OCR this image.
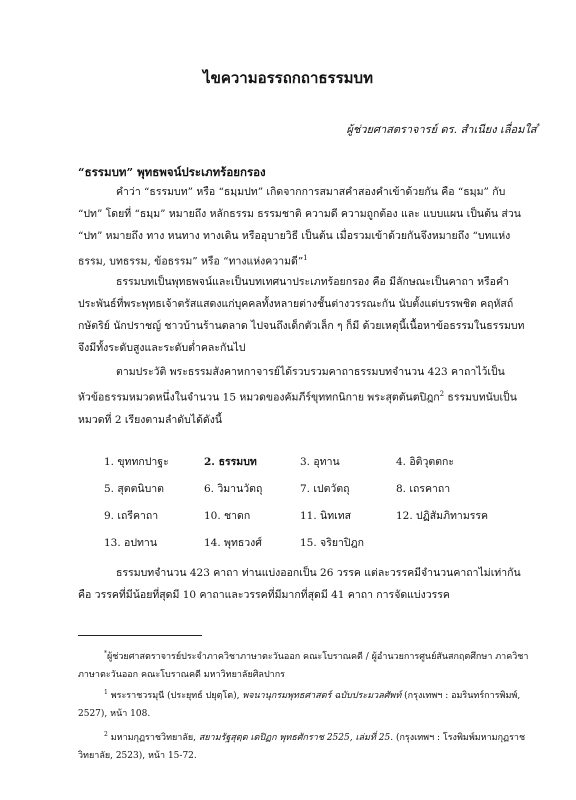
ไขความอรรถกถาธรรมบท
ผู้ช่วยศาสตราจารย์ ดร. สำเนียง เลื่อมใส*
“ธรรมบท” พุทธพจน์ประเภทร้อยกรอง

คำว่า “ธรรมบท” หรือ “ธมฺมปท” เกิดจากการสมาสคำสองคำเข้าด้วยกัน คือ “ธมฺม” กับ “ปท” โดยที่ “ธมฺม” หมายถึง หลักธรรม ธรรมชาติ ความดี ความถูกต้อง และ แบบแผน เป็นต้น ส่วน “ปท” หมายถึง ทาง หนทาง ทางเดิน หรืออุบายวิธี เป็นต้น เมื่อรวมเข้าด้วยกันจึงหมายถึง “บทแห่งธรรม, บทธรรม, ข้อธรรม” หรือ “ทางแห่งความดี”$^1$

ธรรมบทเป็นพุทธพจน์และเป็นบทเทศนาประเภทร้อยกรอง คือ มีลักษณะเป็นคาถา หรือคำประพันธ์ที่พระพุทธเจ้าตรัสแสดงแก่บุคคลทั้งหลายต่างชั้นต่างวรรณะกัน นับตั้งแต่บรรพชิต คฤหัสถ์ กษัตริย์ นักปราชญ์ ชาวบ้านร้านตลาด ไปจนถึงเด็กตัวเล็ก ๆ ก็มี ด้วยเหตุนี้เนื้อหาข้อธรรมในธรรมบทจึงมีทั้งระดับสูงและระดับต่ำคละกันไป

ตามประวัติ พระธรรมสังคาหกาจารย์ได้รวบรวมคาถาธรรมบทจำนวน 423 คาถาไว้เป็นหัวข้อธรรมหมวดหนึ่งในจำนวน 15 หมวดของคัมภีร์ขุททกนิกาย พระสุตตันตปิฎก$^2$ ธรรมบทนับเป็นหมวดที่ 2 เรียงตามลำดับได้ดังนี้

1. ขุททกปาฐะ	2. ธรรมบท	3. อุทาน	4. อิติวุตตกะ
5. สุตตนิบาต	6. วิมานวัตถุ	7. เปตวัตถุ	8. เถรคาถา
9. เถรีคาถา	10. ชาดก	11. นิทเทส	12. ปฏิสัมภิทามรรค
13. อปทาน	14. พุทธวงศ์	15. จริยาปิฎก

ธรรมบทจำนวน 423 คาถา ท่านแบ่งออกเป็น 26 วรรค แต่ละวรรคมีจำนวนคาถาไม่เท่ากัน คือ วรรคที่มีน้อยที่สุดมี 10 คาถาและวรรคที่มีมากที่สุดมี 41 คาถา การจัดแบ่งวรรค

*ผู้ช่วยศาสตราจารย์ประจำภาควิชาภาษาตะวันออก คณะโบราณคดี / ผู้อำนวยการศูนย์สันสกฤตศึกษา ภาควิชาภาษาตะวันออก คณะโบราณคดี มหาวิทยาลัยศิลปากร

$^1$ พระราชวรมุนี (ประยุทธ์ ปยุตฺโต), พจนานุกรมพุทธศาสตร์ ฉบับประมวลศัพท์ (กรุงเทพฯ : อมรินทร์การพิมพ์, 2527), หน้า 108.

$^2$ มหามกุฏราชวิทยาลัย, สยามรัฐสุตฺต เตปิฏก พุทธศักราช 2525, เล่มที่ 25. (กรุงเทพฯ : โรงพิมพ์มหามกุฏราชวิทยาลัย, 2523), หน้า 15-72.
